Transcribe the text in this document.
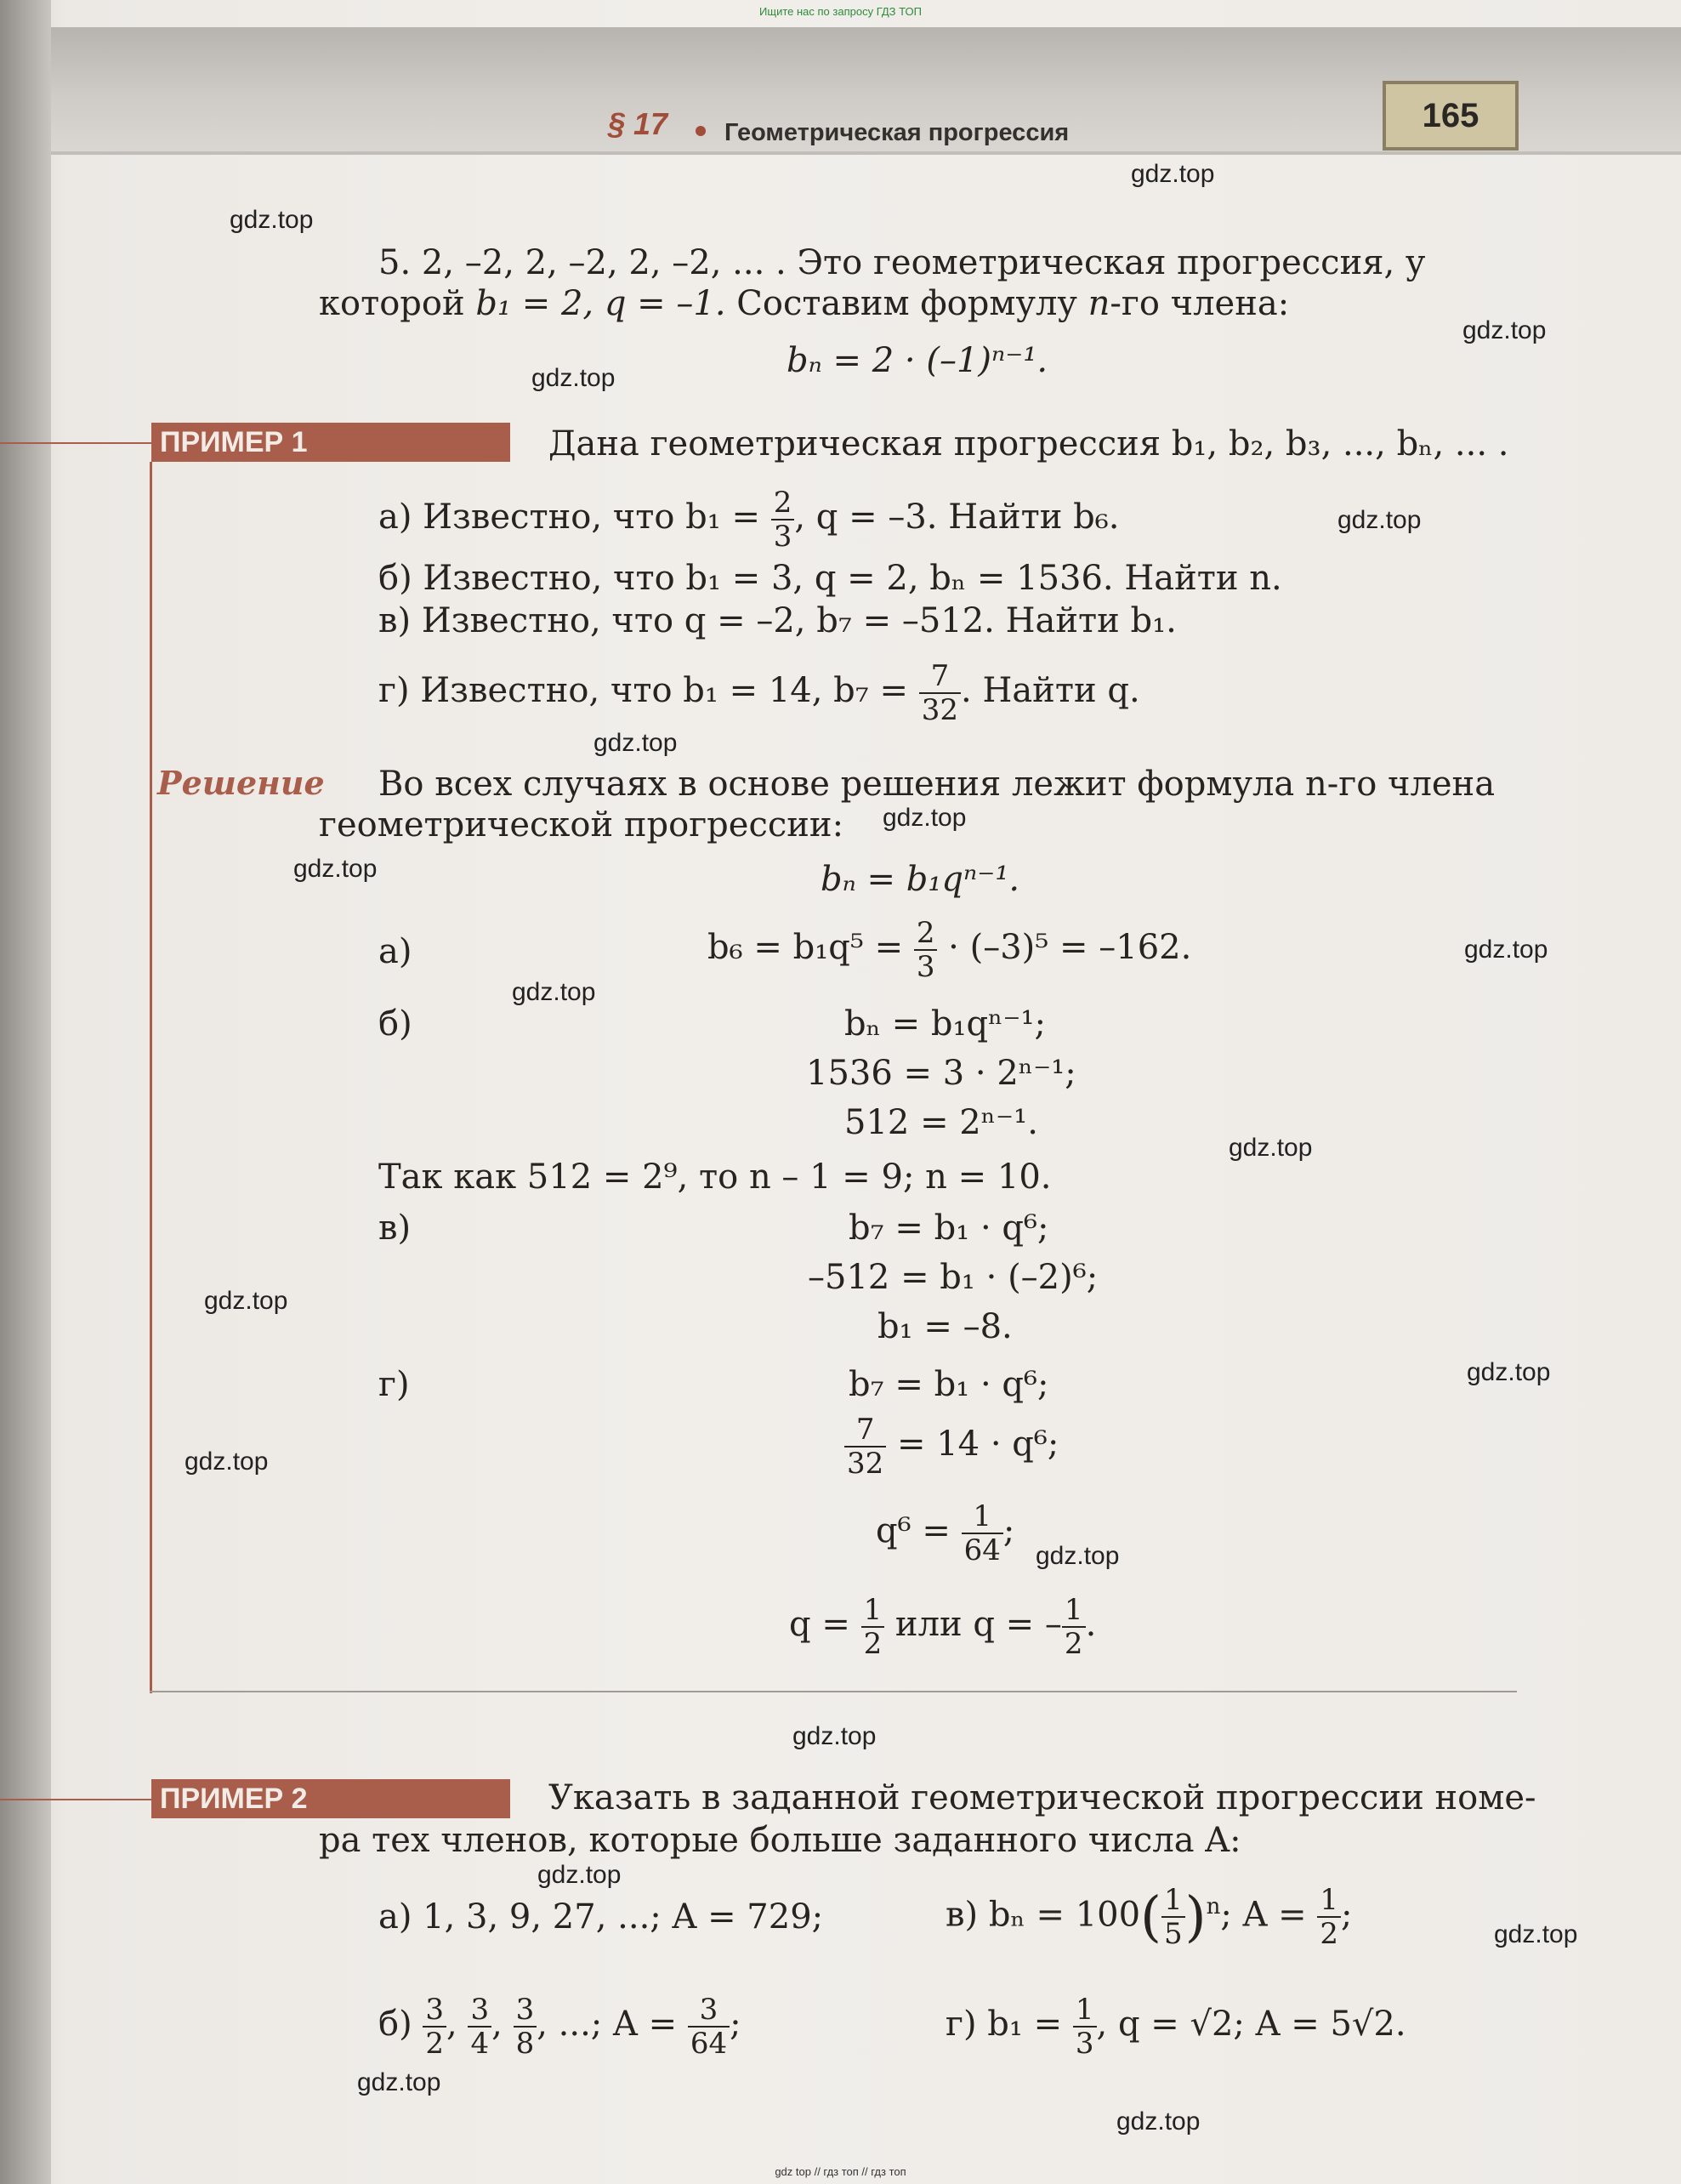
Ищите нас по запросу ГДЗ ТОП
§ 17 Геометрическая прогрессия	165
gdz.top
gdz.top
gdz.top
gdz.top
gdz.top
gdz.top
gdz.top
gdz.top
gdz.top
gdz.top
gdz.top
gdz.top
gdz.top
gdz.top
gdz.top
gdz.top
gdz.top
gdz.top
gdz.top
gdz.top
5. 2, –2, 2, –2, 2, –2, ... . Это геометрическая прогрессия, у
которой b₁ = 2, q = –1. Составим формулу n-го члена:
bₙ = 2 · (–1)ⁿ⁻¹.
ПРИМЕР 1	Дана геометрическая прогрессия b₁, b₂, b₃, ..., bₙ, ... .
а) Известно, что $b_1 = \frac{2}{3}$ , q = –3. Найти b₆.
б) Известно, что b₁ = 3, q = 2, bₙ = 1536. Найти n.
в) Известно, что q = –2, b₇ = –512. Найти b₁.
г) Известно, что b₁ = 14, $b_7 = \frac{7}{32}$ . Найти q.
Решение Во всех случаях в основе решения лежит формула n-го члена
геометрической прогрессии:
bₙ = b₁qⁿ⁻¹.
а)	$b_6 = b_1q^5 = \frac{2}{3} \cdot (-3)^5 = -162$.
б)	bₙ = b₁qⁿ⁻¹;
1536 = 3 · 2ⁿ⁻¹;
512 = 2ⁿ⁻¹.
Так как 512 = 2⁹, то n – 1 = 9; n = 10.
в)	b₇ = b₁ · q⁶;
–512 = b₁ · (–2)⁶;
b₁ = –8.
г)	b₇ = b₁ · q⁶;
$\frac{7}{32} = 14 \cdot q^6$;
$q^6 = \frac{1}{64}$ ;
$q = \frac{1}{2}$ или q = – $\frac{1}{2}$ .
ПРИМЕР 2	Указать в заданной геометрической прогрессии номе-
ра тех членов, которые больше заданного числа A:
а) 1, 3, 9, 27, ...; A = 729;	в) $b_n = 100( \frac{1}{5} )^n$; $A = \frac{1}{2}$ ;
$б) \frac{3}{2}$ , $\frac{3}{4}$ , $\frac{3}{8}$ , ...; $A = \frac{3}{64}$ ;	г) $b_1 = \frac{1}{3}$ , q = √2; A = 5√2.
gdz top // гдз топ // гдз топ
